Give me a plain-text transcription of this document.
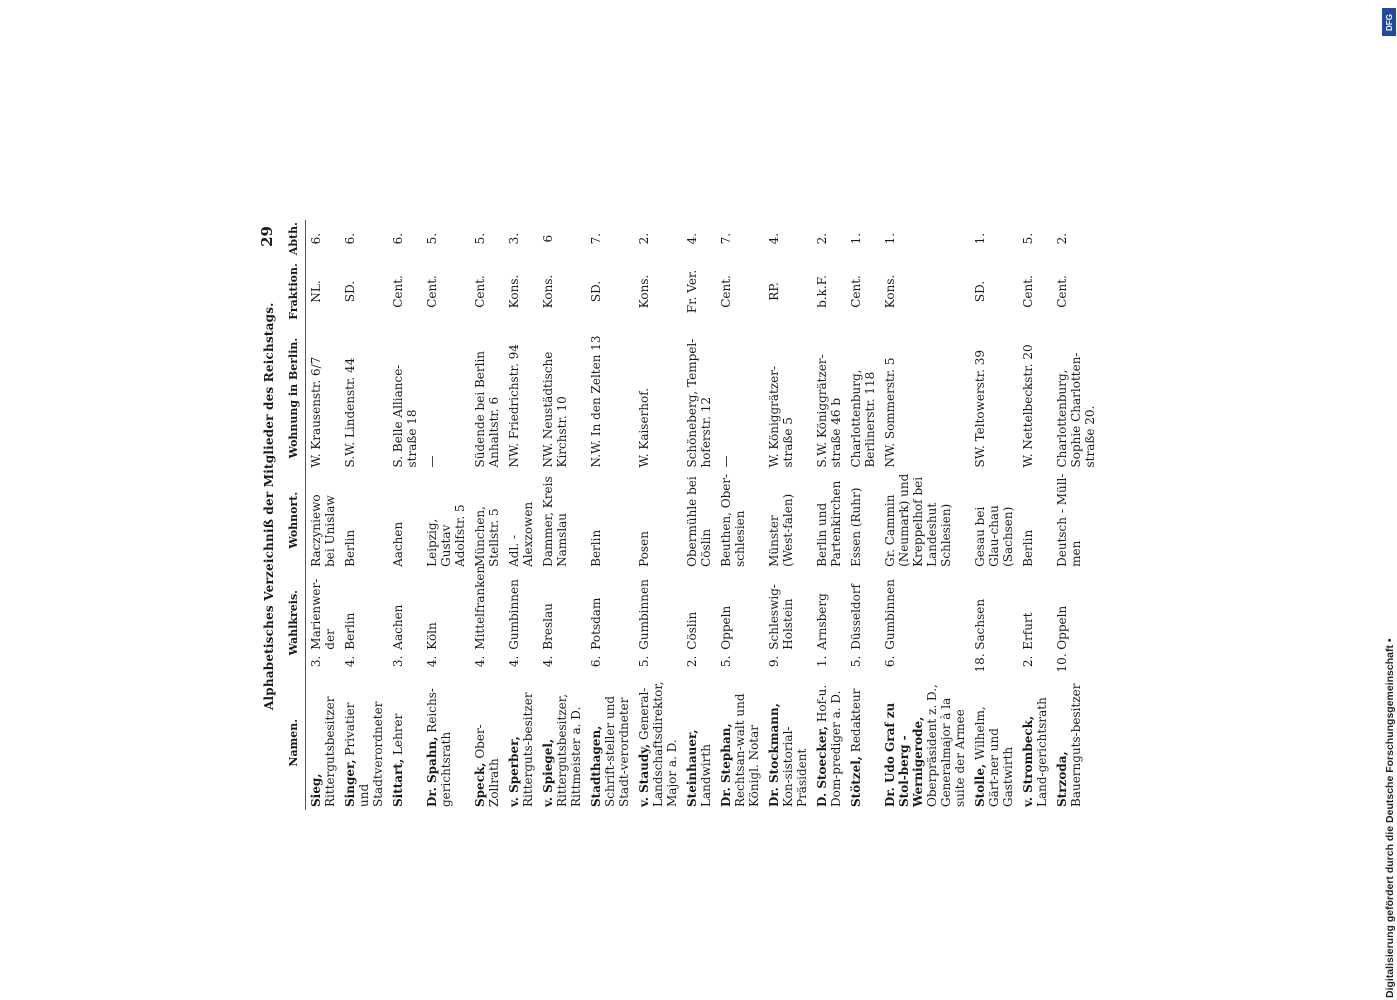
Alphabetisches Verzeichniß der Mitglieder des Reichstags.
29
Namen.	Wahlkreis.		Wohnort.	Wohnung in Berlin.	Fraktion.	Abth.
Sieg, Rittergutsbesitzer	3.	Marienwer-der	Raczyniewo bei Unislaw	W. Krausenstr. 6/7	NL.	6.
Singer, Privatier und Stadtverordneter	4.	Berlin	Berlin	S.W. Lindenstr. 44	SD.	6.
Sittart, Lehrer	3.	Aachen	Aachen	S. Belle Alliance-straße 18	Cent.	6.
Dr. Spahn, Reichs-gerichtsrath	4.	Köln	Leipzig, Gustav Adolfstr. 5	—	Cent.	5.
Speck, Ober-Zollrath	4.	Mittelfranken	München, Stellstr. 5	Südende bei Berlin Anhaltstr. 6	Cent.	5.
v. Sperber, Ritterguts-besitzer	4.	Gumbinnen	Adl. - Alexzowen	NW. Friedrichstr. 94	Kons.	3.
v. Spiegel, Rittergutsbesitzer, Rittmeister a. D.	4.	Breslau	Dammer, Kreis Namslau	NW. Neustädtische Kirchstr. 10	Kons.	6
Stadthagen, Schrift-steller und Stadt-verordneter	6.	Potsdam	Berlin	N.W. In den Zelten 13	SD.	7.
v. Staudy, General-Landschaftsdirektor, Major a. D.	5.	Gumbinnen	Posen	W. Kaiserhof.	Kons.	2.
Steinhauer, Landwirth	2.	Cöslin	Obermühle bei Cöslin	Schöneberg, Tempel-hoferstr. 12	Fr. Ver.	4.
Dr. Stephan, Rechtsan-walt und Königl. Notar	5.	Oppeln	Beuthen, Ober-schlesien	—	Cent.	7.
Dr. Stockmann, Kon-sistorial-Präsident	9.	Schleswig-Holstein	Münster (West-falen)	W. Königgrätzer-straße 5	RP.	4.
D. Stoecker, Hof-u. Dom-prediger a. D.	1.	Arnsberg	Berlin und Partenkirchen	S.W. Königgrätzer-straße 46 b	b.k.F.	2.
Stötzel, Redakteur	5.	Düsseldorf	Essen (Ruhr)	Charlottenburg, Berlinerstr. 118	Cent.	1.
Dr. Udo Graf zu Stol-berg - Wernigerode, Oberpräsident z. D., Generalmajor à la suite der Armee	6.	Gumbinnen	Gr. Cammin (Neumark) und Kreppelhof bei Landeshut Schlesien)	NW. Sommerstr. 5	Kons.	1.
Stolle, Wilhelm, Gärt-ner und Gastwirth	18.	Sachsen	Gesau bei Glau-chau (Sachsen)	SW. Teltowerstr. 39	SD.	1.
v. Strombeck, Land-gerichtsrath	2.	Erfurt	Berlin	W. Nettelbeckstr. 20	Cent.	5.
Strzoda, Bauernguts-besitzer	10.	Oppeln	Deutsch - Müll-men	Charlottenburg, Sophie Charlotten-straße 20.	Cent.	2.
Digitalisierung gefördert durch die Deutsche Forschungsgemeinschaft •
DFG
